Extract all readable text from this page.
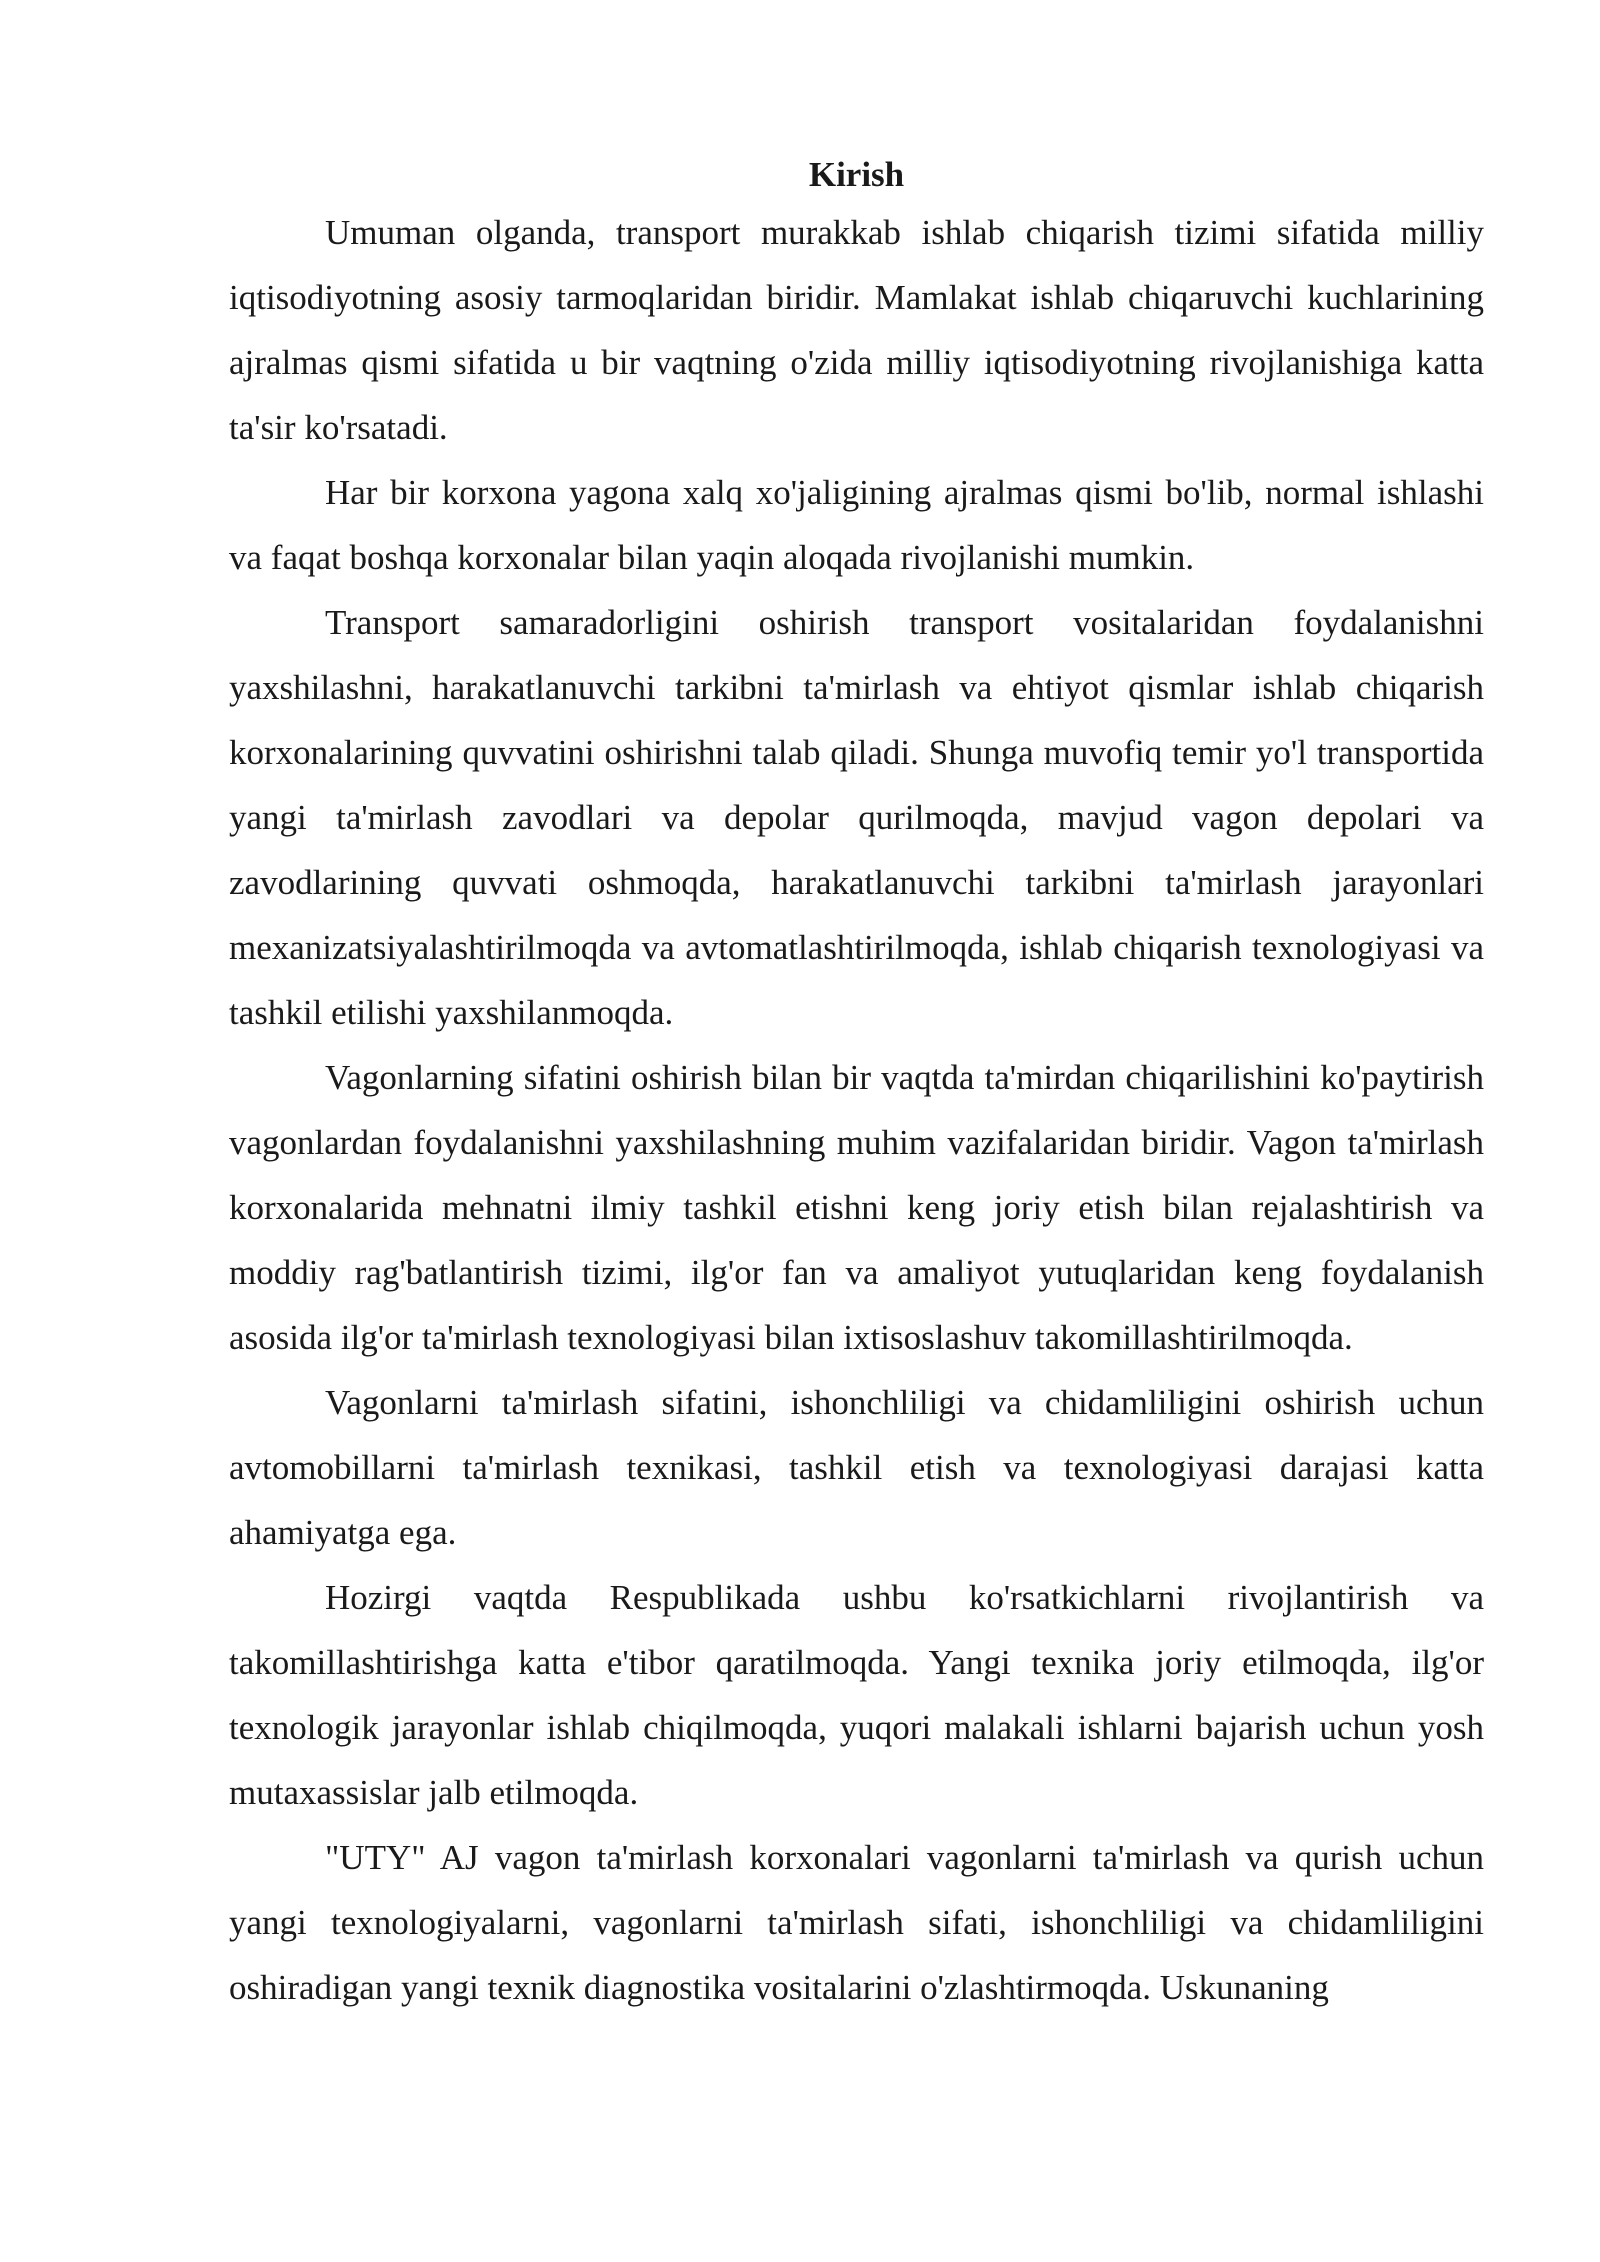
Kirish

Umuman olganda, transport murakkab ishlab chiqarish tizimi sifatida milliy iqtisodiyotning asosiy tarmoqlaridan biridir. Mamlakat ishlab chiqaruvchi kuchlarining ajralmas qismi sifatida u bir vaqtning o'zida milliy iqtisodiyotning rivojlanishiga katta ta'sir ko'rsatadi.

Har bir korxona yagona xalq xo'jaligining ajralmas qismi bo'lib, normal ishlashi va faqat boshqa korxonalar bilan yaqin aloqada rivojlanishi mumkin.

Transport samaradorligini oshirish transport vositalaridan foydalanishni yaxshilashni, harakatlanuvchi tarkibni ta'mirlash va ehtiyot qismlar ishlab chiqarish korxonalarining quvvatini oshirishni talab qiladi. Shunga muvofiq temir yo'l transportida yangi ta'mirlash zavodlari va depolar qurilmoqda, mavjud vagon depolari va zavodlarining quvvati oshmoqda, harakatlanuvchi tarkibni ta'mirlash jarayonlari mexanizatsiyalashtirilmoqda va avtomatlashtirilmoqda, ishlab chiqarish texnologiyasi va tashkil etilishi yaxshilanmoqda.

Vagonlarning sifatini oshirish bilan bir vaqtda ta'mirdan chiqarilishini ko'paytirish vagonlardan foydalanishni yaxshilashning muhim vazifalaridan biridir. Vagon ta'mirlash korxonalarida mehnatni ilmiy tashkil etishni keng joriy etish bilan rejalashtirish va moddiy rag'batlantirish tizimi, ilg'or fan va amaliyot yutuqlaridan keng foydalanish asosida ilg'or ta'mirlash texnologiyasi bilan ixtisoslashuv takomillashtirilmoqda.

Vagonlarni ta'mirlash sifatini, ishonchliligi va chidamliligini oshirish uchun avtomobillarni ta'mirlash texnikasi, tashkil etish va texnologiyasi darajasi katta ahamiyatga ega.

Hozirgi vaqtda Respublikada ushbu ko'rsatkichlarni rivojlantirish va takomillashtirishga katta e'tibor qaratilmoqda. Yangi texnika joriy etilmoqda, ilg'or texnologik jarayonlar ishlab chiqilmoqda, yuqori malakali ishlarni bajarish uchun yosh mutaxassislar jalb etilmoqda.

"UTY" AJ vagon ta'mirlash korxonalari vagonlarni ta'mirlash va qurish uchun yangi texnologiyalarni, vagonlarni ta'mirlash sifati, ishonchliligi va chidamliligini oshiradigan yangi texnik diagnostika vositalarini o'zlashtirmoqda. Uskunaning
